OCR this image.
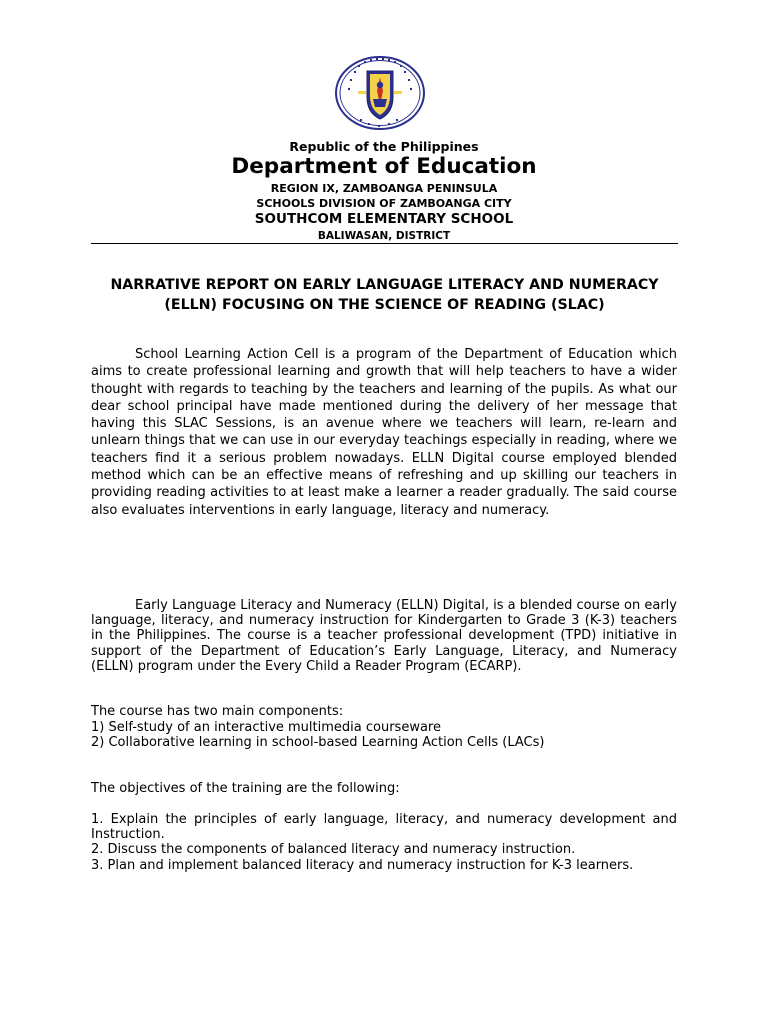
Republic of the Philippines
Department of Education
REGION IX, ZAMBOANGA PENINSULA
SCHOOLS DIVISION OF ZAMBOANGA CITY
SOUTHCOM ELEMENTARY SCHOOL
BALIWASAN, DISTRICT
NARRATIVE REPORT ON EARLY LANGUAGE LITERACY AND NUMERACY (ELLN) FOCUSING ON THE SCIENCE OF READING (SLAC)
School Learning Action Cell is a program of the Department of Education which aims to create professional learning and growth that will help teachers to have a wider thought with regards to teaching by the teachers and learning of the pupils. As what our dear school principal have made mentioned during the delivery of her message that having this SLAC Sessions, is an avenue where we teachers will learn, re-learn and unlearn things that we can use in our everyday teachings especially in reading, where we teachers find it a serious problem nowadays. ELLN Digital course employed blended method which can be an effective means of refreshing and up skilling our teachers in providing reading activities to at least make a learner a reader gradually. The said course also evaluates interventions in early language, literacy and numeracy.
Early Language Literacy and Numeracy (ELLN) Digital, is a blended course on early language, literacy, and numeracy instruction for Kindergarten to Grade 3 (K-3) teachers in the Philippines. The course is a teacher professional development (TPD) initiative in support of the Department of Education’s Early Language, Literacy, and Numeracy (ELLN) program under the Every Child a Reader Program (ECARP).
The course has two main components:
1) Self-study of an interactive multimedia courseware
2) Collaborative learning in school-based Learning Action Cells (LACs)
The objectives of the training are the following:
1. Explain the principles of early language, literacy, and numeracy development and Instruction.
2. Discuss the components of balanced literacy and numeracy instruction.
3. Plan and implement balanced literacy and numeracy instruction for K-3 learners.
